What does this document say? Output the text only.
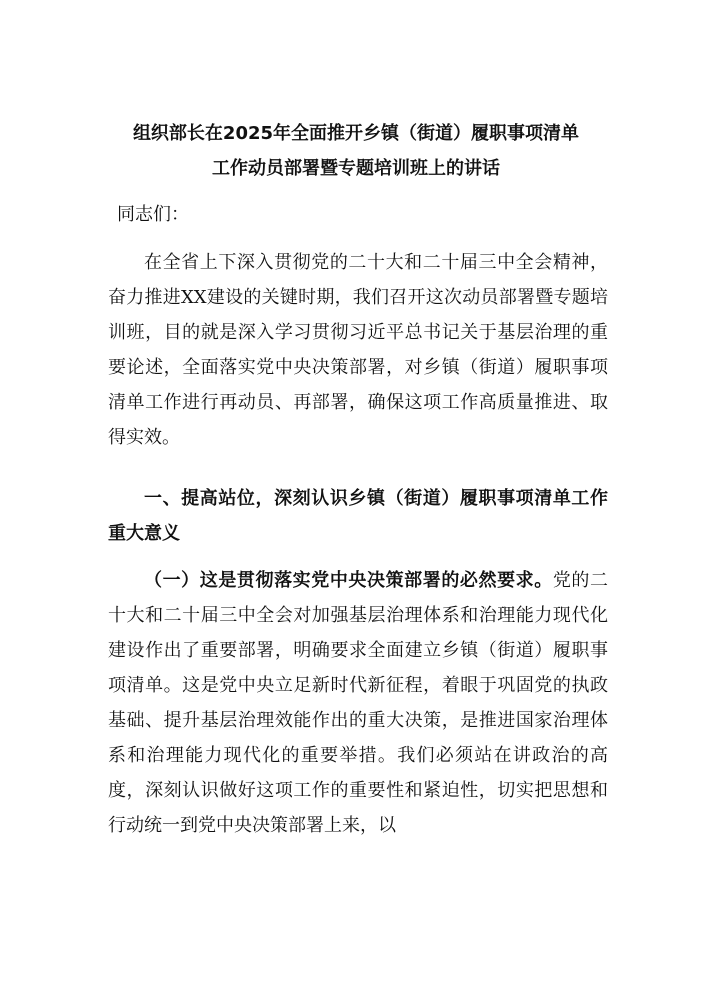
组织部长在2025年全面推开乡镇（街道）履职事项清单
工作动员部署暨专题培训班上的讲话
同志们：
在全省上下深入贯彻党的二十大和二十届三中全会精神，奋力推进XX建设的关键时期，我们召开这次动员部署暨专题培训班，目的就是深入学习贯彻习近平总书记关于基层治理的重要论述，全面落实党中央决策部署，对乡镇（街道）履职事项清单工作进行再动员、再部署，确保这项工作高质量推进、取得实效。
一、提高站位，深刻认识乡镇（街道）履职事项清单工作重大意义
（一）这是贯彻落实党中央决策部署的必然要求。党的二十大和二十届三中全会对加强基层治理体系和治理能力现代化建设作出了重要部署，明确要求全面建立乡镇（街道）履职事项清单。这是党中央立足新时代新征程，着眼于巩固党的执政基础、提升基层治理效能作出的重大决策，是推进国家治理体系和治理能力现代化的重要举措。我们必须站在讲政治的高度，深刻认识做好这项工作的重要性和紧迫性，切实把思想和行动统一到党中央决策部署上来，以
